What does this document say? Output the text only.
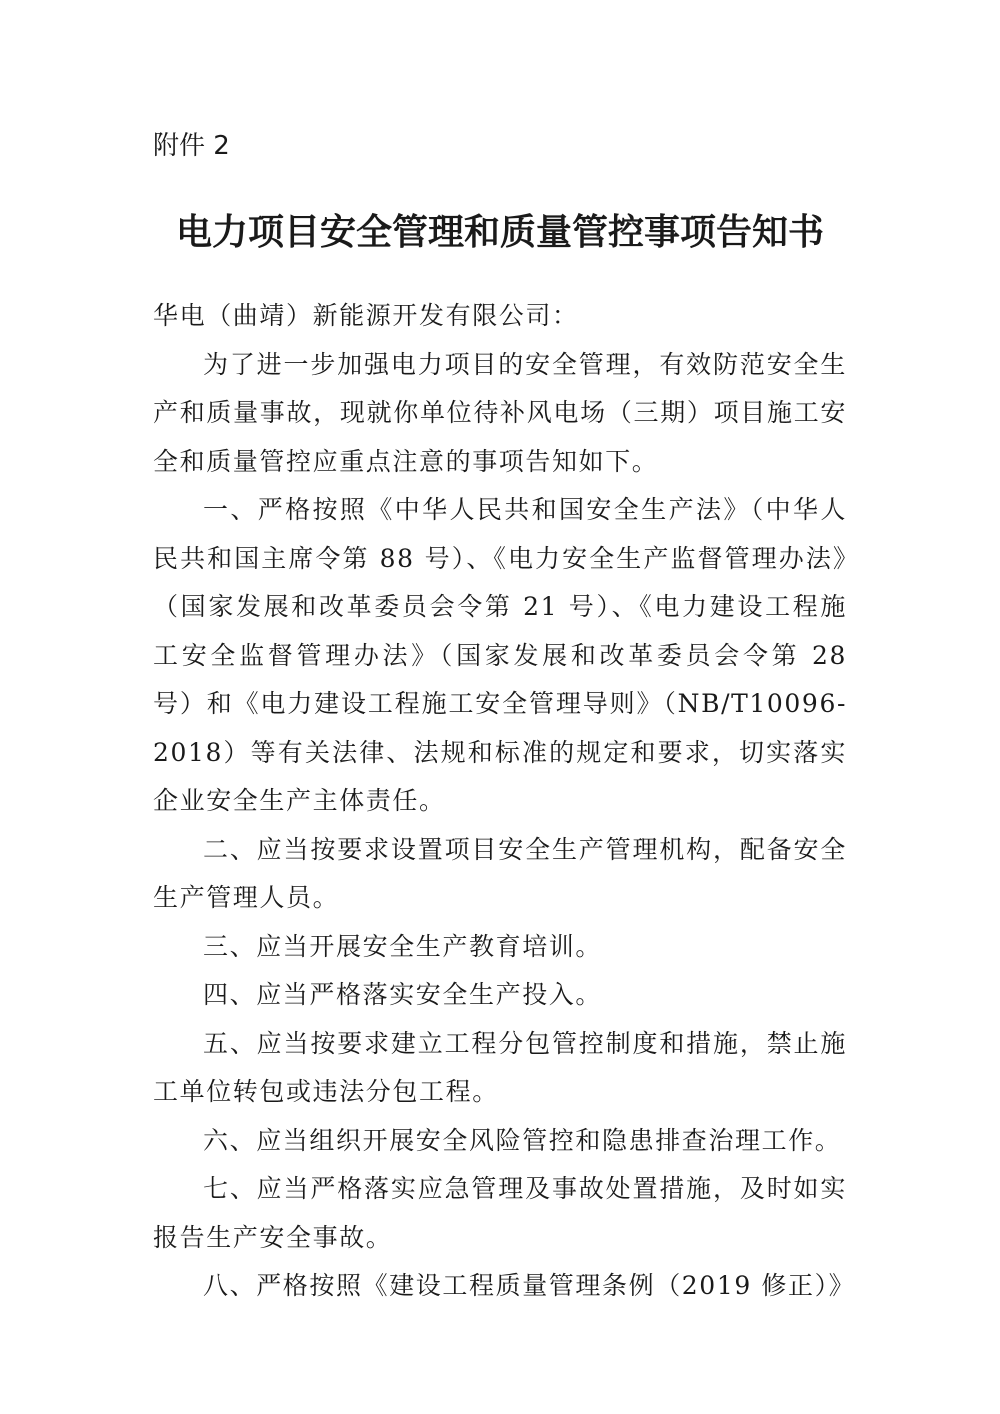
附件 2

电力项目安全管理和质量管控事项告知书

华电（曲靖）新能源开发有限公司：

为了进一步加强电力项目的安全管理，有效防范安全生产和质量事故，现就你单位待补风电场（三期）项目施工安全和质量管控应重点注意的事项告知如下。

一、严格按照《中华人民共和国安全生产法》（中华人民共和国主席令第 88 号）、《电力安全生产监督管理办法》（国家发展和改革委员会令第 21 号）、《电力建设工程施工安全监督管理办法》（国家发展和改革委员会令第 28 号）和《电力建设工程施工安全管理导则》（NB/T10096-2018）等有关法律、法规和标准的规定和要求，切实落实企业安全生产主体责任。

二、应当按要求设置项目安全生产管理机构，配备安全生产管理人员。

三、应当开展安全生产教育培训。

四、应当严格落实安全生产投入。

五、应当按要求建立工程分包管控制度和措施，禁止施工单位转包或违法分包工程。

六、应当组织开展安全风险管控和隐患排查治理工作。

七、应当严格落实应急管理及事故处置措施，及时如实报告生产安全事故。

八、严格按照《建设工程质量管理条例（2019 修正）》
